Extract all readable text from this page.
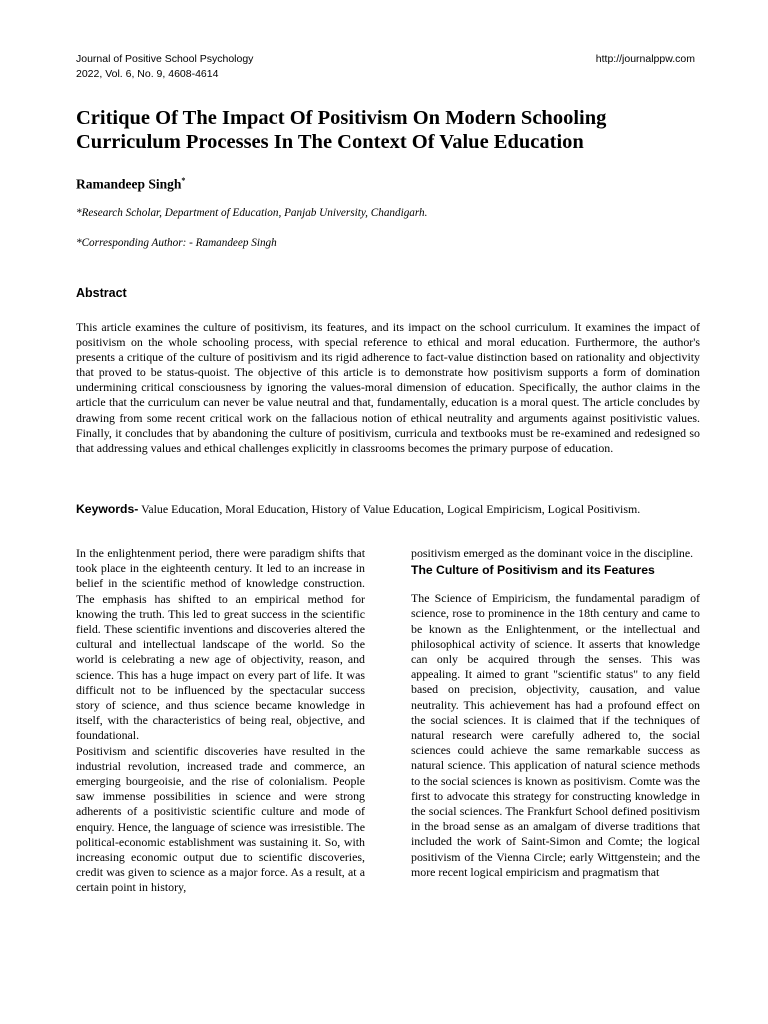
Journal of Positive School Psychology
2022, Vol. 6, No. 9, 4608-4614
http://journalppw.com
Critique Of The Impact Of Positivism On Modern Schooling Curriculum Processes In The Context Of Value Education
Ramandeep Singh*
*Research Scholar, Department of Education, Panjab University, Chandigarh.
*Corresponding Author: - Ramandeep Singh
Abstract

This article examines the culture of positivism, its features, and its impact on the school curriculum. It examines the impact of positivism on the whole schooling process, with special reference to ethical and moral education. Furthermore, the author's presents a critique of the culture of positivism and its rigid adherence to fact-value distinction based on rationality and objectivity that proved to be status-quoist. The objective of this article is to demonstrate how positivism supports a form of domination undermining critical consciousness by ignoring the values-moral dimension of education. Specifically, the author claims in the article that the curriculum can never be value neutral and that, fundamentally, education is a moral quest. The article concludes by drawing from some recent critical work on the fallacious notion of ethical neutrality and arguments against positivistic values. Finally, it concludes that by abandoning the culture of positivism, curricula and textbooks must be re-examined and redesigned so that addressing values and ethical challenges explicitly in classrooms becomes the primary purpose of education.

Keywords- Value Education, Moral Education, History of Value Education, Logical Empiricism, Logical Positivism.

In the enlightenment period, there were paradigm shifts that took place in the eighteenth century. It led to an increase in belief in the scientific method of knowledge construction. The emphasis has shifted to an empirical method for knowing the truth. This led to great success in the scientific field. These scientific inventions and discoveries altered the cultural and intellectual landscape of the world. So the world is celebrating a new age of objectivity, reason, and science. This has a huge impact on every part of life. It was difficult not to be influenced by the spectacular success story of science, and thus science became knowledge in itself, with the characteristics of being real, objective, and foundational.

Positivism and scientific discoveries have resulted in the industrial revolution, increased trade and commerce, an emerging bourgeoisie, and the rise of colonialism. People saw immense possibilities in science and were strong adherents of a positivistic scientific culture and mode of enquiry. Hence, the language of science was irresistible. The political-economic establishment was sustaining it. So, with increasing economic output due to scientific discoveries, credit was given to science as a major force. As a result, at a certain point in history,

positivism emerged as the dominant voice in the discipline.

The Culture of Positivism and its Features

The Science of Empiricism, the fundamental paradigm of science, rose to prominence in the 18th century and came to be known as the Enlightenment, or the intellectual and philosophical activity of science. It asserts that knowledge can only be acquired through the senses. This was appealing. It aimed to grant "scientific status" to any field based on precision, objectivity, causation, and value neutrality. This achievement has had a profound effect on the social sciences. It is claimed that if the techniques of natural research were carefully adhered to, the social sciences could achieve the same remarkable success as natural science. This application of natural science methods to the social sciences is known as positivism. Comte was the first to advocate this strategy for constructing knowledge in the social sciences. The Frankfurt School defined positivism in the broad sense as an amalgam of diverse traditions that included the work of Saint-Simon and Comte; the logical positivism of the Vienna Circle; early Wittgenstein; and the more recent logical empiricism and pragmatism that
